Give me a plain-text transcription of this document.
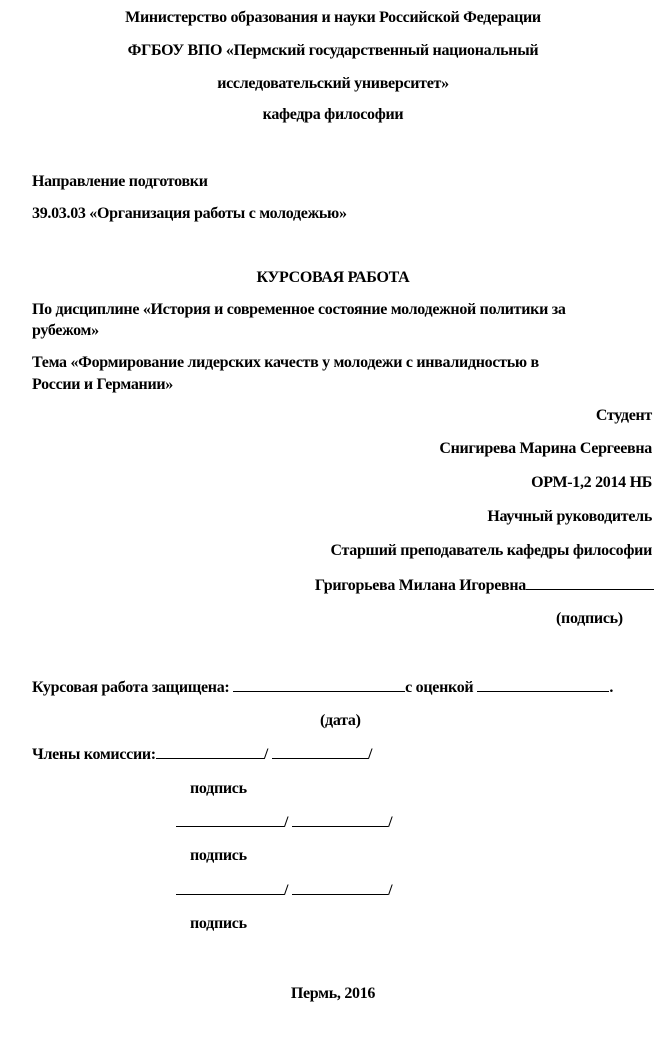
Министерство образования и науки Российской Федерации
ФГБОУ ВПО «Пермский государственный национальный
исследовательский университет»
кафедра философии
Направление подготовки
39.03.03 «Организация работы с молодежью»
КУРСОВАЯ РАБОТА
По дисциплине «История и современное состояние молодежной политики за
рубежом»
Тема «Формирование лидерских качеств у молодежи с инвалидностью в
России и Германии»
Студент
Снигирева Марина Сергеевна
ОРМ-1,2 2014 НБ
Научный руководитель
Старший преподаватель кафедры философии
Григорьева Милана Игоревна
(подпись)
Курсовая работа защищена:	с оценкой	.
(дата)
Члены комиссии:	/	/
подпись
/	/
подпись
/	/
подпись
Пермь, 2016
